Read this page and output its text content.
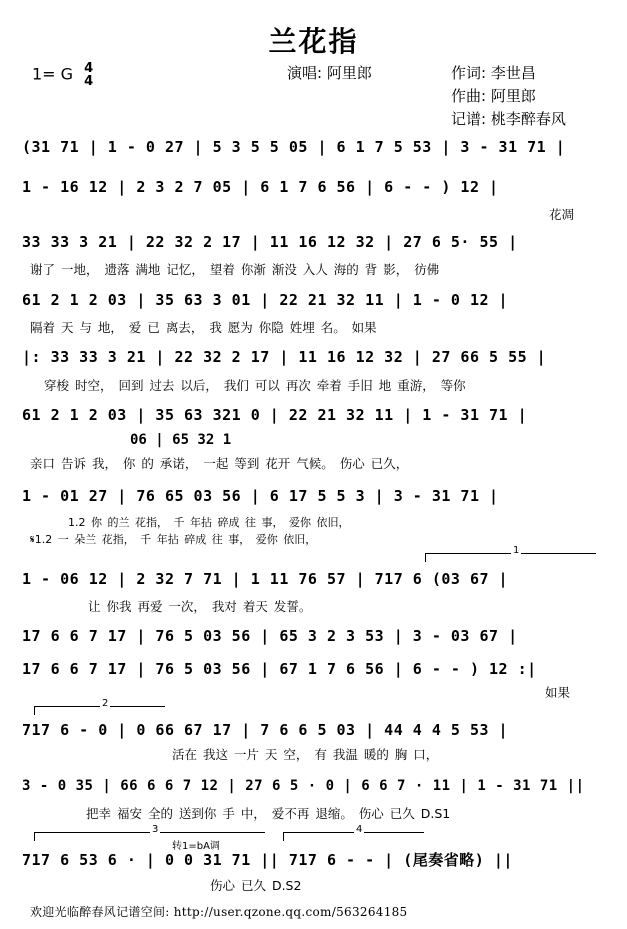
兰花指
1= G 4
4	演唱: 阿里郎	作词: 李世昌
作曲: 阿里郎
记谱: 桃李醉春风
(31 71 | 1 - 0 27 | 5 3 5 5 05 | 6 1 7 5 53 | 3 - 31 71 |
1 - 16 12 | 2 3 2 7 05 | 6 1 7 6 56 | 6 - - ) 12 |
花凋
33 33 3 21 | 22 32 2 17 | 11 16 12 32 | 27 6 5· 55 |
谢了 一地， 遗落 满地 记忆， 望着 你渐 渐没 入人 海的 背 影， 彷佛
61 2 1 2 03 | 35 63 3 01 | 22 21 32 11 | 1 - 0 12 |
隔着 天 与 地， 爱 已 离去， 我 愿为 你隐 姓埋 名。 如果
|: 33 33 3 21 | 22 32 2 17 | 11 16 12 32 | 27 66 5 55 |
穿梭 时空， 回到 过去 以后， 我们 可以 再次 牵着 手旧 地 重游， 等你
61 2 1 2 03 | 35 63 321 0 | 22 21 32 11 | 1 - 31 71 |
06 | 65 32 1
亲口 告诉 我， 你 的 承诺， 一起 等到 花开 气候。 伤心 已久，
1 - 01 27 | 76 65 03 56 | 6 17 5 5 3 | 3 - 31 71 |
1.2 你 的兰 花指， 千 年拈 碎成 往 事， 爱你 依旧，
𝄋1.2 一 朵兰 花指， 千 年拈 碎成 往 事， 爱你 依旧，
1
1 - 06 12 | 2 32 7 71 | 1 11 76 57 | 717 6 (03 67 |
让 你我 再爱 一次， 我对 着天 发誓。
17 6 6 7 17 | 76 5 03 56 | 65 3 2 3 53 | 3 - 03 67 |
17 6 6 7 17 | 76 5 03 56 | 67 1 7 6 56 | 6 - - ) 12 :|
如果
2
717 6 - 0 | 0 66 67 17 | 7 6 6 5 03 | 44 4 4 5 53 |
活在 我这 一片 天 空， 有 我温 暖的 胸 口，
3 - 0 35 | 66 6 6 7 12 | 27 6 5 · 0 | 6 6 7 · 11 | 1 - 31 71 ||
把幸 福安 全的 送到你 手 中， 爱不再 退缩。 伤心 已久 D.S1
3
转1=bA调
4
717 6 53 6 · | 0 0 31 71 || 717 6 - - | (尾奏省略) ||
伤心 已久 D.S2
欢迎光临醉春风记谱空间: http://user.qzone.qq.com/563264185
